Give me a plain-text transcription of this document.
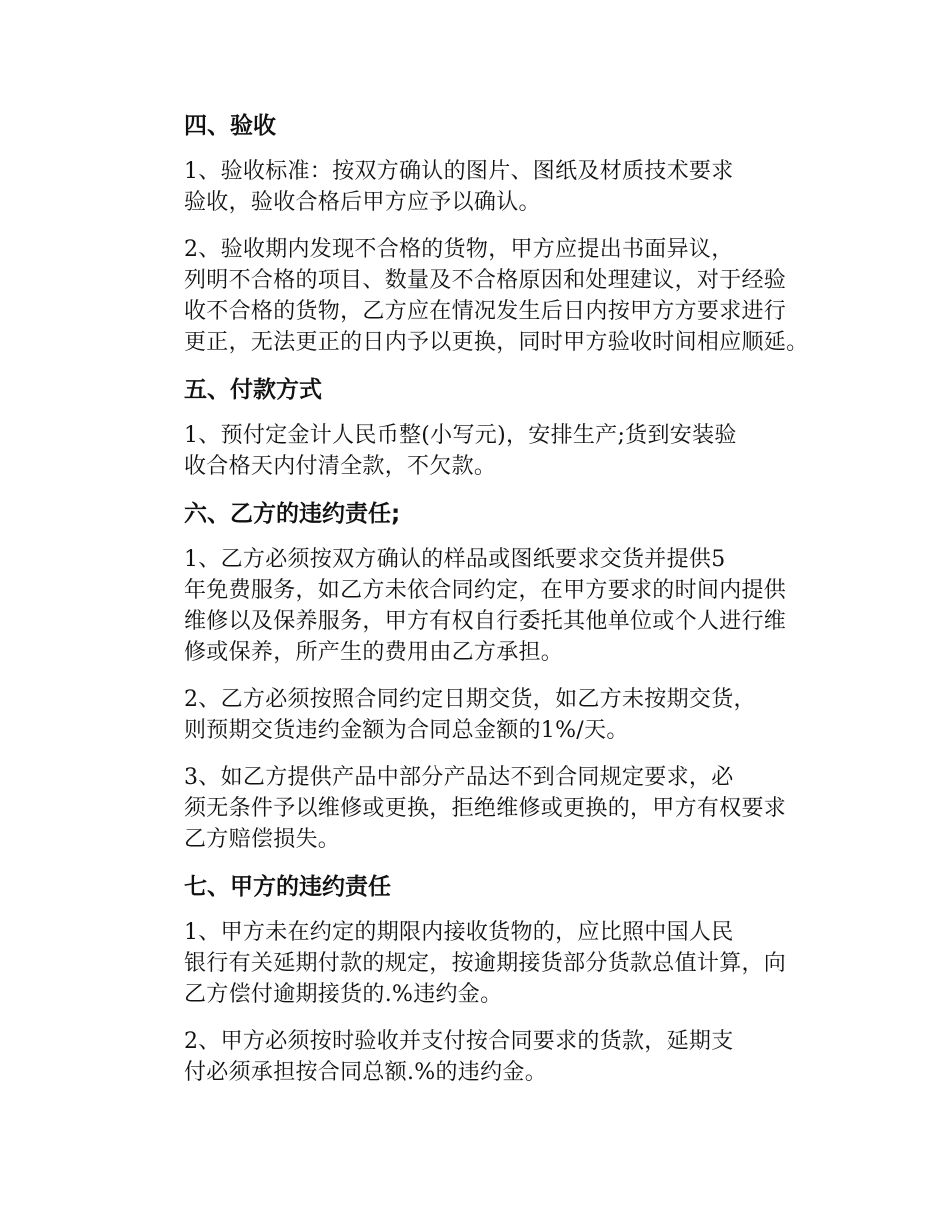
四、验收
1、验收标准：按双方确认的图片、图纸及材质技术要求
验收，验收合格后甲方应予以确认。
2、验收期内发现不合格的货物，甲方应提出书面异议，
列明不合格的项目、数量及不合格原因和处理建议，对于经验
收不合格的货物，乙方应在情况发生后日内按甲方方要求进行
更正，无法更正的日内予以更换，同时甲方验收时间相应顺延。
五、付款方式
1、预付定金计人民币整(小写元)，安排生产;货到安装验
收合格天内付清全款，不欠款。
六、乙方的违约责任;
1、乙方必须按双方确认的样品或图纸要求交货并提供5
年免费服务，如乙方未依合同约定，在甲方要求的时间内提供
维修以及保养服务，甲方有权自行委托其他单位或个人进行维
修或保养，所产生的费用由乙方承担。
2、乙方必须按照合同约定日期交货，如乙方未按期交货，
则预期交货违约金额为合同总金额的1%/天。
3、如乙方提供产品中部分产品达不到合同规定要求，必
须无条件予以维修或更换，拒绝维修或更换的，甲方有权要求
乙方赔偿损失。
七、甲方的违约责任
1、甲方未在约定的期限内接收货物的，应比照中国人民
银行有关延期付款的规定，按逾期接货部分货款总值计算，向
乙方偿付逾期接货的.%违约金。
2、甲方必须按时验收并支付按合同要求的货款，延期支
付必须承担按合同总额.%的违约金。
